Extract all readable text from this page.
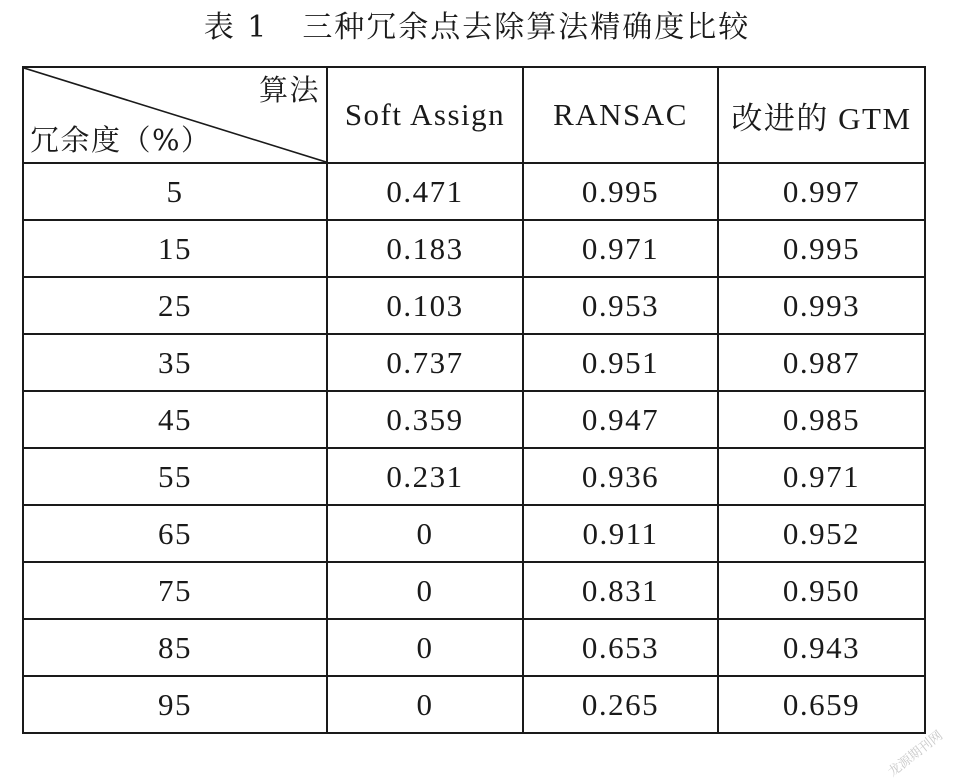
表 1 三种冗余点去除算法精确度比较
算法
冗余度（%）	Soft Assign	RANSAC	改进的 GTM
5	0.471	0.995	0.997
15	0.183	0.971	0.995
25	0.103	0.953	0.993
35	0.737	0.951	0.987
45	0.359	0.947	0.985
55	0.231	0.936	0.971
65	0	0.911	0.952
75	0	0.831	0.950
85	0	0.653	0.943
95	0	0.265	0.659
龙源期刊网
